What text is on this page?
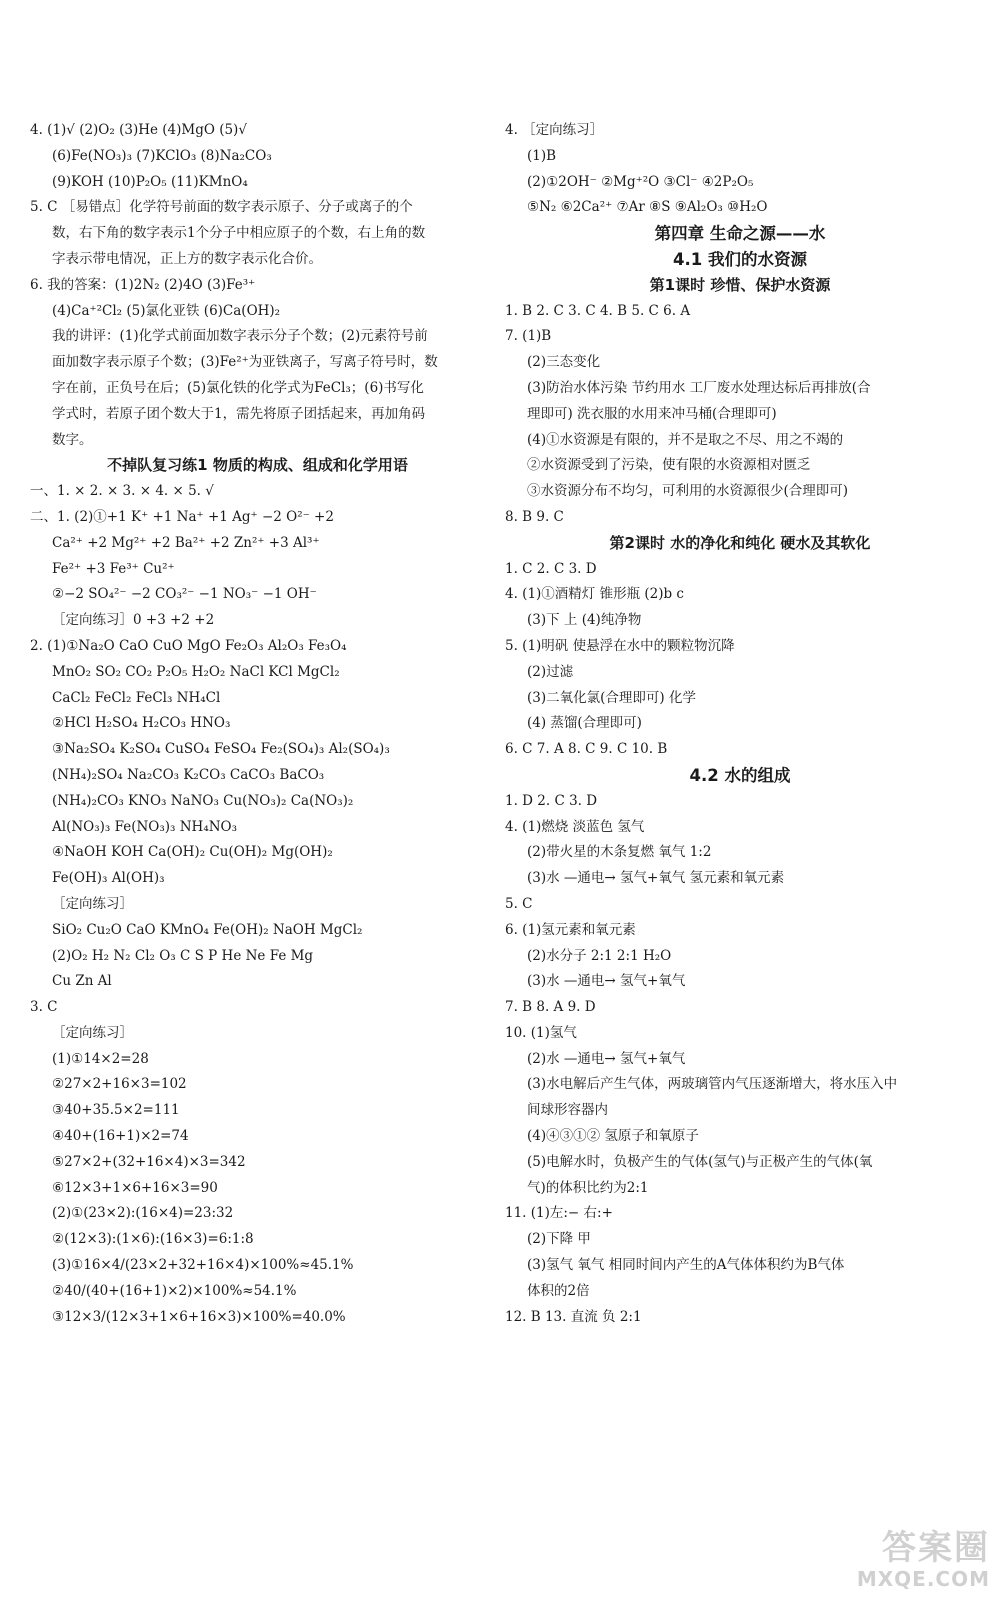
4. (1)√ (2)O₂ (3)He (4)MgO (5)√
(6)Fe(NO₃)₃ (7)KClO₃ (8)Na₂CO₃
(9)KOH (10)P₂O₅ (11)KMnO₄
5. C ［易错点］化学符号前面的数字表示原子、分子或离子的个
数，右下角的数字表示1个分子中相应原子的个数，右上角的数
字表示带电情况，正上方的数字表示化合价。
6. 我的答案：(1)2N₂ (2)4O (3)Fe³⁺
(4)Ca⁺²Cl₂ (5)氯化亚铁 (6)Ca(OH)₂
我的讲评：(1)化学式前面加数字表示分子个数；(2)元素符号前
面加数字表示原子个数；(3)Fe²⁺为亚铁离子，写离子符号时，数
字在前，正负号在后；(5)氯化铁的化学式为FeCl₃；(6)书写化
学式时，若原子团个数大于1，需先将原子团括起来，再加角码
数字。
不掉队复习练1 物质的构成、组成和化学用语
一、1. × 2. × 3. × 4. × 5. √
二、1. (2)①+1 K⁺ +1 Na⁺ +1 Ag⁺ −2 O²⁻ +2
Ca²⁺ +2 Mg²⁺ +2 Ba²⁺ +2 Zn²⁺ +3 Al³⁺
Fe²⁺ +3 Fe³⁺ Cu²⁺
②−2 SO₄²⁻ −2 CO₃²⁻ −1 NO₃⁻ −1 OH⁻
［定向练习］0 +3 +2 +2
2. (1)①Na₂O CaO CuO MgO Fe₂O₃ Al₂O₃ Fe₃O₄
MnO₂ SO₂ CO₂ P₂O₅ H₂O₂ NaCl KCl MgCl₂
CaCl₂ FeCl₂ FeCl₃ NH₄Cl
②HCl H₂SO₄ H₂CO₃ HNO₃
③Na₂SO₄ K₂SO₄ CuSO₄ FeSO₄ Fe₂(SO₄)₃ Al₂(SO₄)₃
(NH₄)₂SO₄ Na₂CO₃ K₂CO₃ CaCO₃ BaCO₃
(NH₄)₂CO₃ KNO₃ NaNO₃ Cu(NO₃)₂ Ca(NO₃)₂
Al(NO₃)₃ Fe(NO₃)₃ NH₄NO₃
④NaOH KOH Ca(OH)₂ Cu(OH)₂ Mg(OH)₂
Fe(OH)₃ Al(OH)₃
［定向练习］
SiO₂ Cu₂O CaO KMnO₄ Fe(OH)₂ NaOH MgCl₂
(2)O₂ H₂ N₂ Cl₂ O₃ C S P He Ne Fe Mg
Cu Zn Al
3. C
［定向练习］
(1)①14×2=28
②27×2+16×3=102
③40+35.5×2=111
④40+(16+1)×2=74
⑤27×2+(32+16×4)×3=342
⑥12×3+1×6+16×3=90
(2)①(23×2):(16×4)=23:32
②(12×3):(1×6):(16×3)=6:1:8
(3)①16×4/(23×2+32+16×4)×100%≈45.1%
②40/(40+(16+1)×2)×100%≈54.1%
③12×3/(12×3+1×6+16×3)×100%=40.0%
4. ［定向练习］
(1)B
(2)①2OH⁻ ②Mg⁺²O ③Cl⁻ ④2P₂O₅
⑤N₂ ⑥2Ca²⁺ ⑦Ar ⑧S ⑨Al₂O₃ ⑩H₂O
第四章 生命之源——水
4.1 我们的水资源
第1课时 珍惜、保护水资源
1. B 2. C 3. C 4. B 5. C 6. A
7. (1)B
(2)三态变化
(3)防治水体污染 节约用水 工厂废水处理达标后再排放(合
理即可) 洗衣服的水用来冲马桶(合理即可)
(4)①水资源是有限的，并不是取之不尽、用之不竭的
②水资源受到了污染，使有限的水资源相对匮乏
③水资源分布不均匀，可利用的水资源很少(合理即可)
8. B 9. C
第2课时 水的净化和纯化 硬水及其软化
1. C 2. C 3. D
4. (1)①酒精灯 锥形瓶 (2)b c
(3)下 上 (4)纯净物
5. (1)明矾 使悬浮在水中的颗粒物沉降
(2)过滤
(3)二氧化氯(合理即可) 化学
(4) 蒸馏(合理即可)
6. C 7. A 8. C 9. C 10. B
4.2 水的组成
1. D 2. C 3. D
4. (1)燃烧 淡蓝色 氢气
(2)带火星的木条复燃 氧气 1:2
(3)水 —通电→ 氢气+氧气 氢元素和氧元素
5. C
6. (1)氢元素和氧元素
(2)水分子 2:1 2:1 H₂O
(3)水 —通电→ 氢气+氧气
7. B 8. A 9. D
10. (1)氢气
(2)水 —通电→ 氢气+氧气
(3)水电解后产生气体，两玻璃管内气压逐渐增大，将水压入中
间球形容器内
(4)④③①② 氢原子和氧原子
(5)电解水时，负极产生的气体(氢气)与正极产生的气体(氧
气)的体积比约为2:1
11. (1)左:− 右:+
(2)下降 甲
(3)氢气 氧气 相同时间内产生的A气体体积约为B气体
体积的2倍
12. B 13. 直流 负 2:1
答案圈
MXQE.COM
